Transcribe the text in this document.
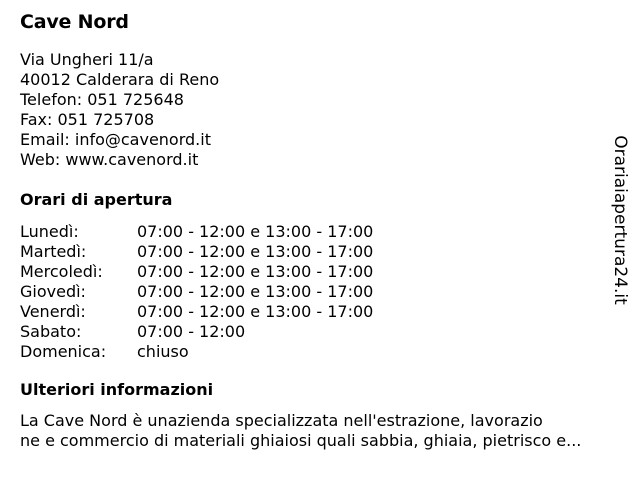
Cave Nord
Via Ungheri 11/a
40012 Calderara di Reno
Telefon: 051 725648
Fax: 051 725708
Email: info@cavenord.it
Web: www.cavenord.it
Orari di apertura
Lunedì:	07:00 - 12:00 e 13:00 - 17:00
Martedì:	07:00 - 12:00 e 13:00 - 17:00
Mercoledì:	07:00 - 12:00 e 13:00 - 17:00
Giovedì:	07:00 - 12:00 e 13:00 - 17:00
Venerdì:	07:00 - 12:00 e 13:00 - 17:00
Sabato:	07:00 - 12:00
Domenica:	chiuso
Ulteriori informazioni
La Cave Nord è unazienda specializzata nell'estrazione, lavorazio
ne e commercio di materiali ghiaiosi quali sabbia, ghiaia, pietrisco e...
Orariaiapertura24.it
